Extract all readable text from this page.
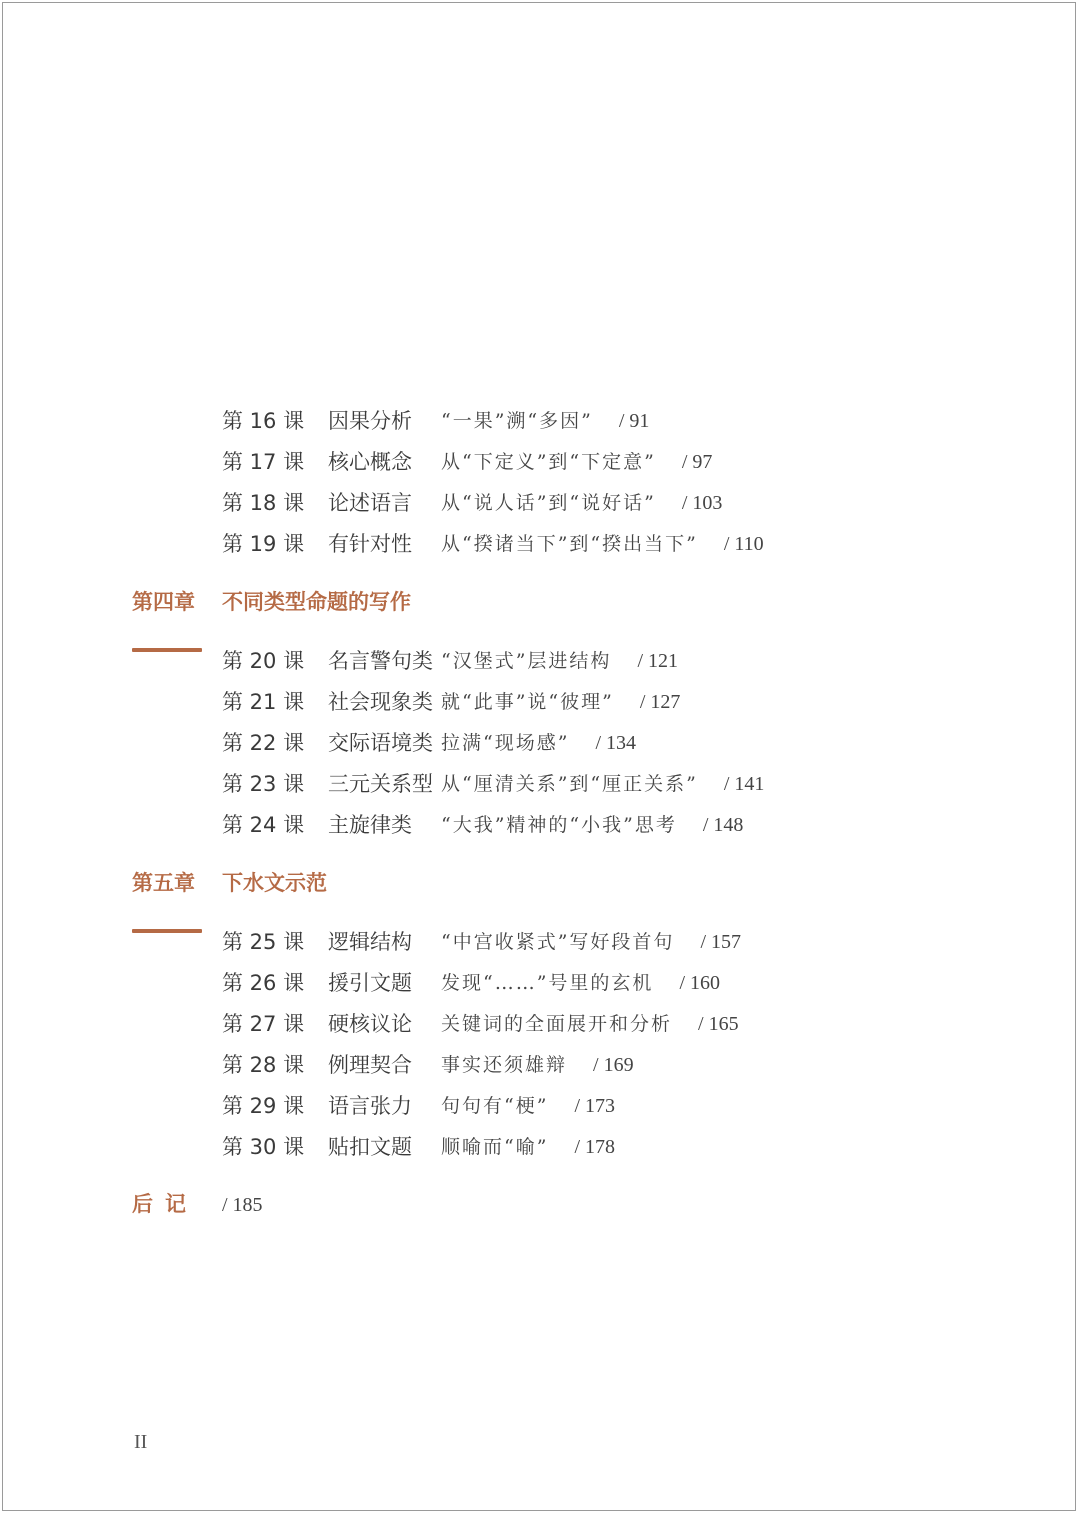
第 16 课 因果分析 “一果”溯“多因” / 91
第 17 课 核心概念 从“下定义”到“下定意” / 97
第 18 课 论述语言 从“说人话”到“说好话” / 103
第 19 课 有针对性 从“揆诸当下”到“揆出当下” / 110
第四章 不同类型命题的写作
第 20 课 名言警句类 “汉堡式”层进结构 / 121
第 21 课 社会现象类 就“此事”说“彼理” / 127
第 22 课 交际语境类 拉满“现场感” / 134
第 23 课 三元关系型 从“厘清关系”到“厘正关系” / 141
第 24 课 主旋律类 “大我”精神的“小我”思考 / 148
第五章 下水文示范
第 25 课 逻辑结构 “中宫收紧式”写好段首句 / 157
第 26 课 援引文题 发现“……”号里的玄机 / 160
第 27 课 硬核议论 关键词的全面展开和分析 / 165
第 28 课 例理契合 事实还须雄辩 / 169
第 29 课 语言张力 句句有“梗” / 173
第 30 课 贴扣文题 顺喻而“喻” / 178
后记 / 185
II
